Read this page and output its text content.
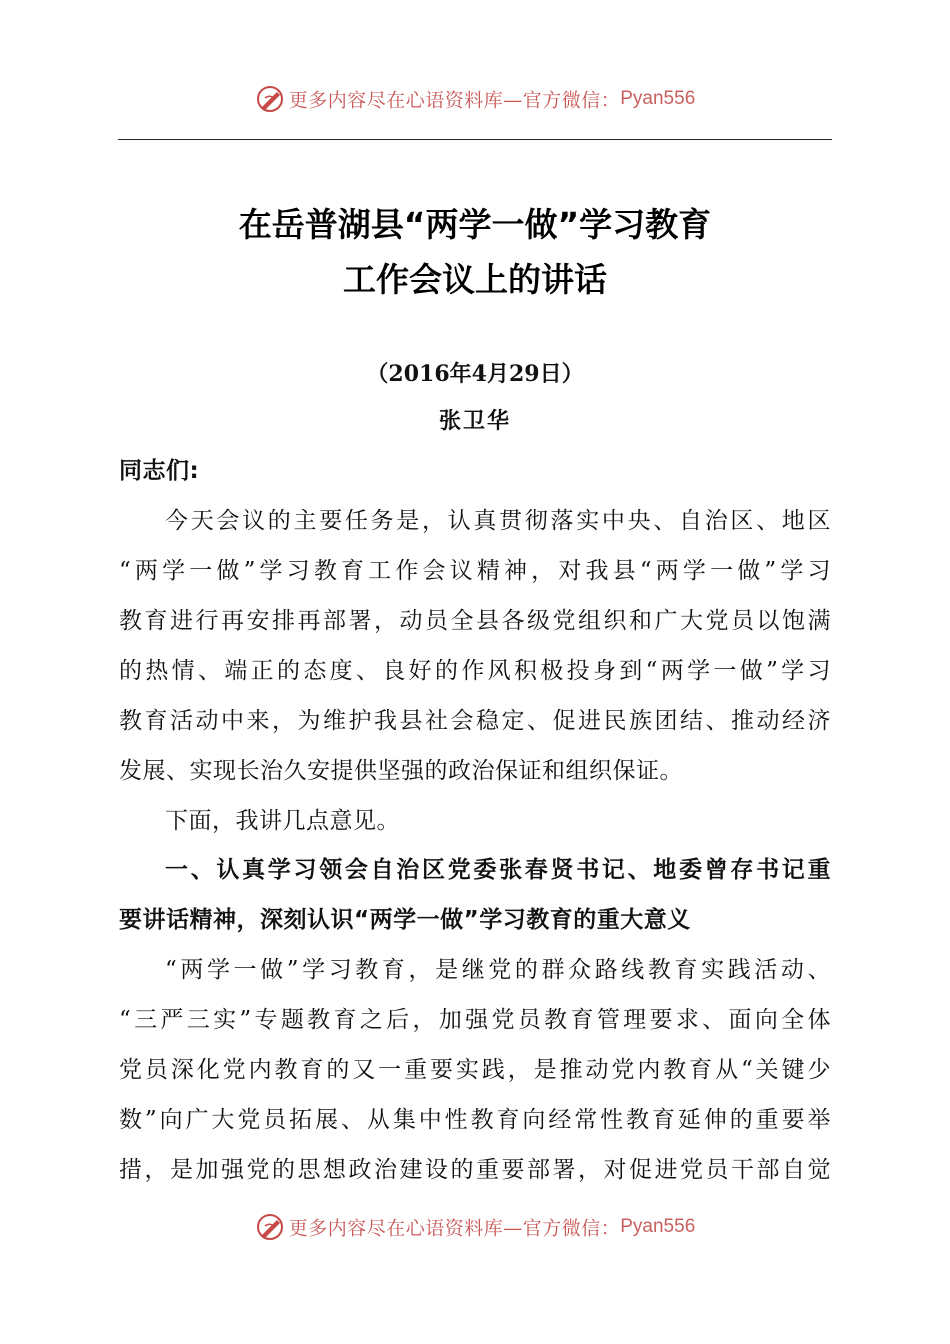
更多内容尽在心语资料库—官方微信：Pyan556
在岳普湖县“两学一做”学习教育
工作会议上的讲话
（2016年4月29日）
张卫华
同志们:
今天会议的主要任务是，认真贯彻落实中央、自治区、地区
“两学一做”学习教育工作会议精神，对我县“两学一做”学习
教育进行再安排再部署，动员全县各级党组织和广大党员以饱满
的热情、端正的态度、良好的作风积极投身到“两学一做”学习
教育活动中来，为维护我县社会稳定、促进民族团结、推动经济
发展、实现长治久安提供坚强的政治保证和组织保证。
下面，我讲几点意见。
一、认真学习领会自治区党委张春贤书记、地委曾存书记重
要讲话精神，深刻认识“两学一做”学习教育的重大意义
“两学一做”学习教育，是继党的群众路线教育实践活动、
“三严三实”专题教育之后，加强党员教育管理要求、面向全体
党员深化党内教育的又一重要实践，是推动党内教育从“关键少
数”向广大党员拓展、从集中性教育向经常性教育延伸的重要举
措，是加强党的思想政治建设的重要部署，对促进党员干部自觉
更多内容尽在心语资料库—官方微信：Pyan556
